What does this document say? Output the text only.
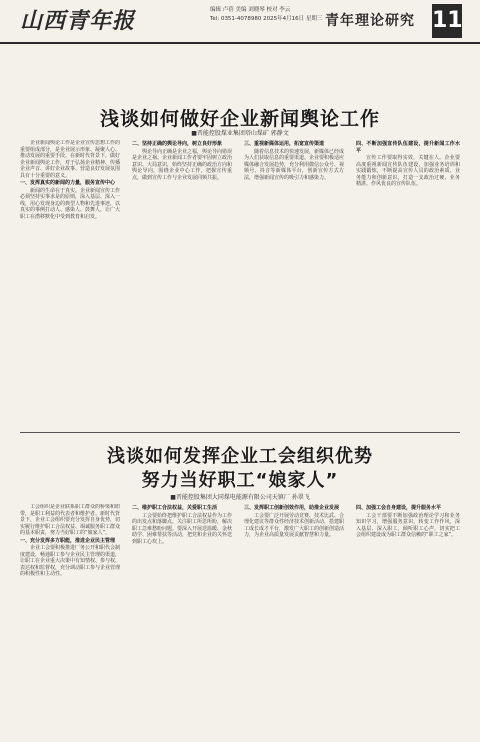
山西青年报	编辑 卢蓓 美编 刘晓琴 校对 李云
Tel: 0351-4078980 2025年4月16日 星期三 青年理论研究 11
浅谈如何做好企业新闻舆论工作
■晋能控股煤业集团塔山煤矿 郭静文

企业新闻舆论工作是企业宣传思想工作的重要组成部分，是企业展示形象、凝聚人心、推动发展的重要手段。在新时代背景下，做好企业新闻舆论工作，对于弘扬企业精神、传播企业声音、讲好企业故事、营造良好发展氛围具有十分重要的意义。

一、发挥真实的新闻的力量，服务宣传中心

新闻的生命在于真实。企业新闻宣传工作必须坚持实事求是的原则，深入基层、深入一线，用心发现身边的典型人物和先进事迹，以真实的事例打动人、感染人、鼓舞人，让广大职工在潜移默化中受到教育和启发。

二、坚持正确的舆论导向，树立良好形象

舆论导向正确是企业之福，舆论导向错误是企业之祸。企业新闻工作者要牢固树立政治意识、大局意识，始终坚持正确的政治方向和舆论导向，围绕企业中心工作，把握宣传重点，做到宣传工作与企业发展同频共振。

三、重视新媒体运用，拓宽宣传渠道

随着信息技术的快速发展，新媒体已经成为人们获取信息的重要渠道。企业要积极适应媒体融合发展趋势，充分利用微信公众号、视频号、抖音等新媒体平台，创新宣传方式方法，增强新闻宣传的吸引力和感染力。

四、不断加强宣传队伍建设，提升新闻工作水平

宣传工作要取得实效，关键在人。企业要高度重视新闻宣传队伍建设，加强业务培训和实践锻炼，不断提高宣传人员的政治素质、业务能力和创新意识，打造一支政治过硬、业务精湛、作风优良的宣传队伍。

浅谈如何发挥企业工会组织优势
努力当好职工“娘家人”
■晋能控股集团大同煤电能源有限公司天镇厂 孙翠飞

工会组织是企业联系职工群众的桥梁和纽带，是职工利益的代表者和维护者。新时代背景下，企业工会组织要充分发挥自身优势，切实履行维护职工合法权益、竭诚服务职工群众的基本职责，努力当好职工的“娘家人”。

一、充分发挥多方职能，推进企业民主管理

企业工会要积极推进厂务公开和职代会制度建设，畅通职工参与企业民主管理的渠道，让职工在企业重大决策中有知情权、参与权、表达权和监督权，充分调动职工参与企业管理的积极性和主动性。

二、维护职工合法权益，关爱职工生活

工会要始终把维护职工合法权益作为工作的出发点和落脚点，关注职工所思所盼，解决职工急难愁盼问题。要深入开展送温暖、金秋助学、困难帮扶等活动，把党和企业的关怀送到职工心坎上。

三、发挥职工创新创效作用，助推企业发展

工会要广泛开展劳动竞赛、技术比武、合理化建议等群众性经济技术创新活动，搭建职工成长成才平台，激发广大职工的创新创造活力，为企业高质量发展贡献智慧和力量。

四、加强工会自身建设，提升服务水平

工会干部要不断加强政治理论学习和业务知识学习，增强服务意识，转变工作作风，深入基层、深入职工，倾听职工心声，切实把工会组织建设成为职工群众信赖的“职工之家”。
